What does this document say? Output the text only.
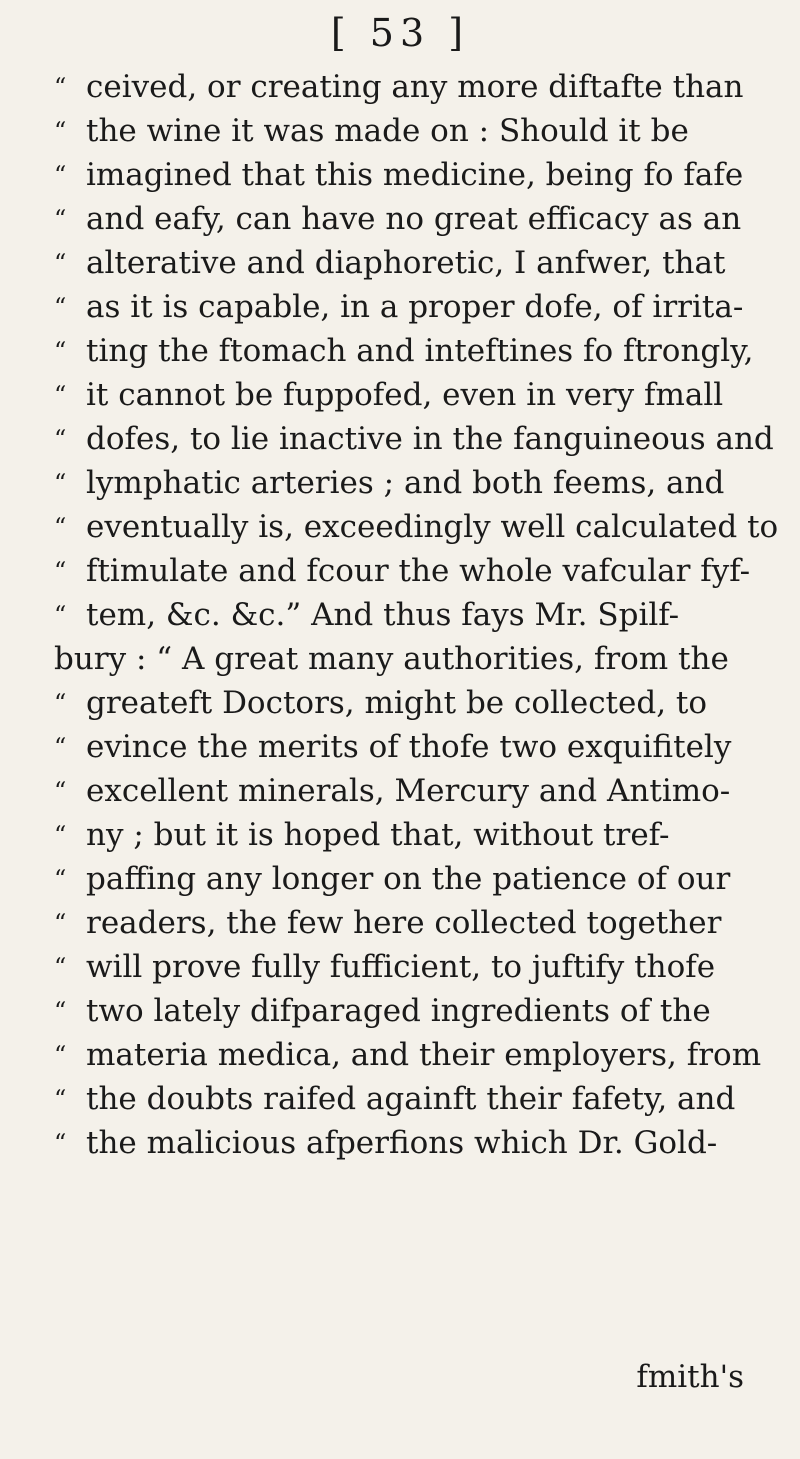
[ 53 ]
“ ceived, or creating any more diftafte than
“ the wine it was made on : Should it be
“ imagined that this medicine, being fo fafe
“ and eafy, can have no great efficacy as an
“ alterative and diaphoretic, I anfwer, that
“ as it is capable, in a proper dofe, of irrita-
“ ting the ftomach and inteftines fo ftrongly,
“ it cannot be fuppofed, even in very fmall
“ dofes, to lie inactive in the fanguineous and
“ lymphatic arteries ; and both feems, and
“ eventually is, exceedingly well calculated to
“ ftimulate and fcour the whole vafcular fyf-
“ tem, &c. &c.” And thus fays Mr. Spilf-
bury : “ A great many authorities, from the
“ greateft Doctors, might be collected, to
“ evince the merits of thofe two exquifitely
“ excellent minerals, Mercury and Antimo-
“ ny ; but it is hoped that, without tref-
“ paffing any longer on the patience of our
“ readers, the few here collected together
“ will prove fully fufficient, to juftify thofe
“ two lately difparaged ingredients of the
“ materia medica, and their employers, from
“ the doubts raifed againft their fafety, and
“ the malicious afperfions which Dr. Gold-
fmith's
